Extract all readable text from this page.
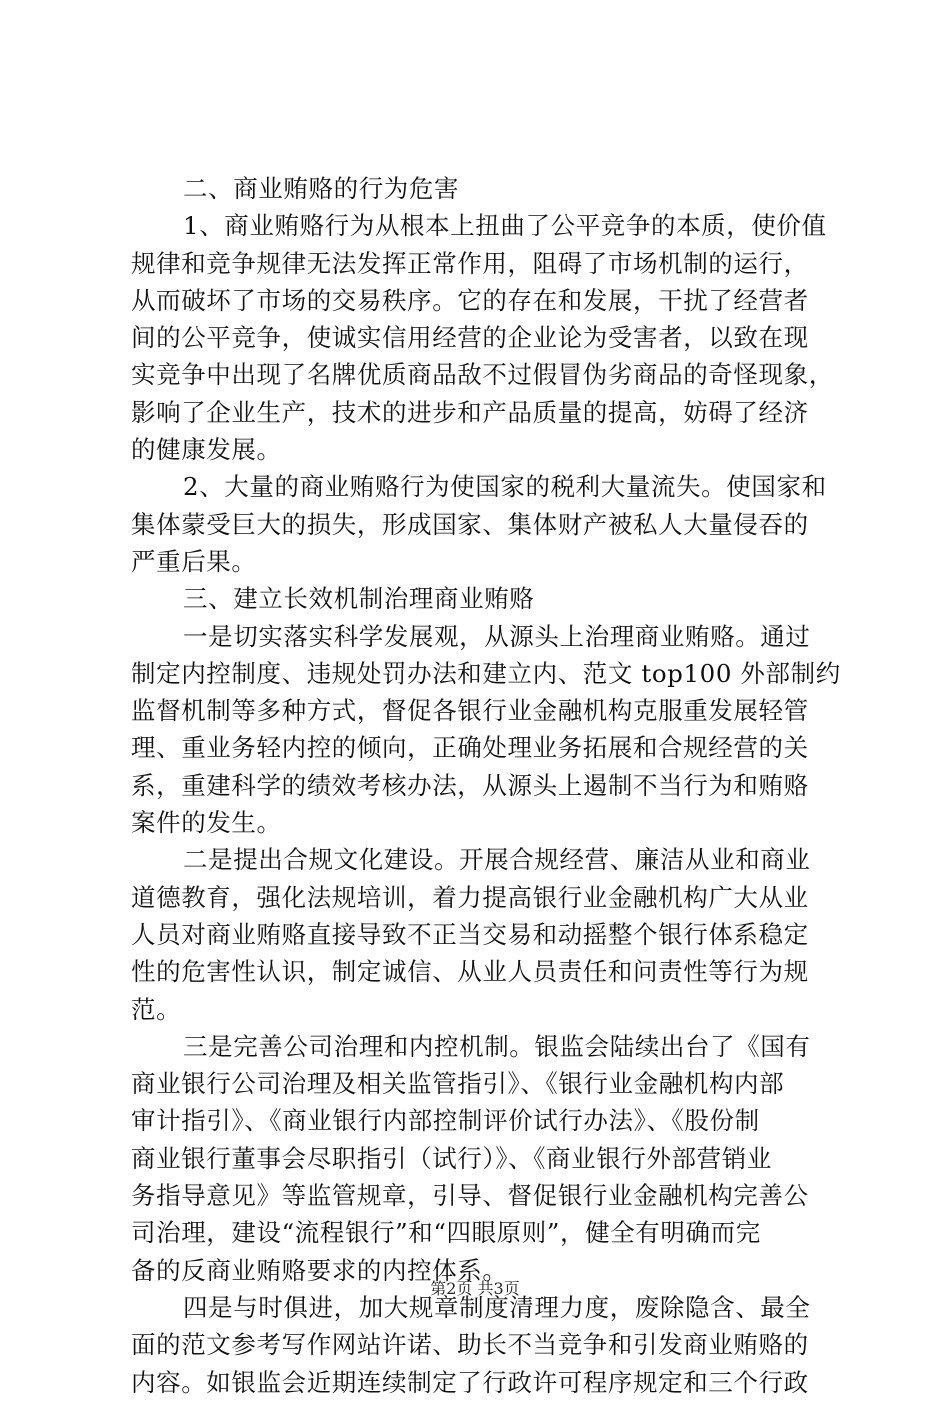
二、商业贿赂的行为危害
1、商业贿赂行为从根本上扭曲了公平竞争的本质，使价值
规律和竞争规律无法发挥正常作用，阻碍了市场机制的运行，
从而破坏了市场的交易秩序。它的存在和发展，干扰了经营者
间的公平竞争，使诚实信用经营的企业论为受害者，以致在现
实竞争中出现了名牌优质商品敌不过假冒伪劣商品的奇怪现象，
影响了企业生产，技术的进步和产品质量的提高，妨碍了经济
的健康发展。
2、大量的商业贿赂行为使国家的税利大量流失。使国家和
集体蒙受巨大的损失，形成国家、集体财产被私人大量侵吞的
严重后果。
三、建立长效机制治理商业贿赂
一是切实落实科学发展观，从源头上治理商业贿赂。通过
制定内控制度、违规处罚办法和建立内、范文 top100 外部制约
监督机制等多种方式，督促各银行业金融机构克服重发展轻管
理、重业务轻内控的倾向，正确处理业务拓展和合规经营的关
系，重建科学的绩效考核办法，从源头上遏制不当行为和贿赂
案件的发生。
二是提出合规文化建设。开展合规经营、廉洁从业和商业
道德教育，强化法规培训，着力提高银行业金融机构广大从业
人员对商业贿赂直接导致不正当交易和动摇整个银行体系稳定
性的危害性认识，制定诚信、从业人员责任和问责性等行为规
范。
三是完善公司治理和内控机制。银监会陆续出台了《国有
商业银行公司治理及相关监管指引》、《银行业金融机构内部
审计指引》、《商业银行内部控制评价试行办法》、《股份制
商业银行董事会尽职指引（试行）》、《商业银行外部营销业
务指导意见》等监管规章，引导、督促银行业金融机构完善公
司治理，建设“流程银行”和“四眼原则”，健全有明确而完
备的反商业贿赂要求的内控体系。
四是与时俱进，加大规章制度清理力度，废除隐含、最全
面的范文参考写作网站许诺、助长不当竞争和引发商业贿赂的
内容。如银监会近期连续制定了行政许可程序规定和三个行政
第2页 共3页
